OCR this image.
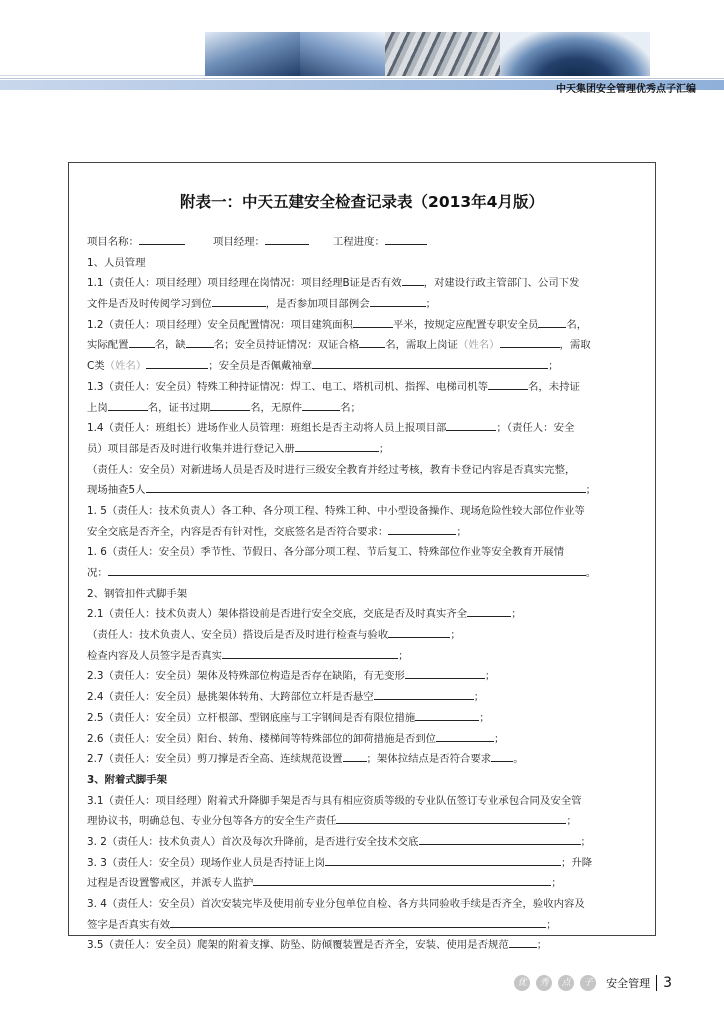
中天集团安全管理优秀点子汇编
附表一：中天五建安全检查记录表（2013年4月版）
项目名称：	项目经理：	工程进度：
1、人员管理
1.1（责任人：项目经理）项目经理在岗情况：项目经理B证是否有效 ，对建设行政主管部门、公司下发
文件是否及时传阅学习到位	，是否参加项目部例会	；
1.2（责任人：项目经理）安全员配置情况：项目建筑面积	平米，按规定应配置专职安全员	名，
实际配置	名，缺	名；安全员持证情况：双证合格	名，需取上岗证（姓名）	，需取
C类（姓名）	；安全员是否佩戴袖章	；
1.3（责任人：安全员）特殊工种持证情况：焊工、电工、塔机司机、指挥、电梯司机等	名，未持证
上岗	名，证书过期	名，无原件	名；
1.4（责任人：班组长）进场作业人员管理：班组长是否主动将人员上报项目部	；（责任人：安全
员）项目部是否及时进行收集并进行登记入册	；
（责任人：安全员）对新进场人员是否及时进行三级安全教育并经过考核，教育卡登记内容是否真实完整，
现场抽查5人	；
1. 5（责任人：技术负责人）各工种、各分项工程、特殊工种、中小型设备操作、现场危险性较大部位作业等
安全交底是否齐全，内容是否有针对性，交底签名是否符合要求：	；
1. 6（责任人：安全员）季节性、节假日、各分部分项工程、节后复工、特殊部位作业等安全教育开展情
况：	。
2、钢管扣件式脚手架
2.1（责任人：技术负责人）架体搭设前是否进行安全交底，交底是否及时真实齐全	；
（责任人：技术负责人、安全员）搭设后是否及时进行检查与验收	；
检查内容及人员签字是否真实	；
2.3（责任人：安全员）架体及特殊部位构造是否存在缺陷，有无变形	；
2.4（责任人：安全员）悬挑架体转角、大跨部位立杆是否悬空	；
2.5（责任人：安全员）立杆根部、型钢底座与工字钢间是否有限位措施	；
2.6（责任人：安全员）阳台、转角、楼梯间等特殊部位的卸荷措施是否到位	；
2.7（责任人：安全员）剪刀撑是否全高、连续规范设置 ；架体拉结点是否符合要求 。
3、附着式脚手架
3.1（责任人：项目经理）附着式升降脚手架是否与具有相应资质等级的专业队伍签订专业承包合同及安全管
理协议书，明确总包、专业分包等各方的安全生产责任	；
3. 2（责任人：技术负责人）首次及每次升降前，是否进行安全技术交底	；
3. 3（责任人：安全员）现场作业人员是否持证上岗	；升降
过程是否设置警戒区，并派专人监护	；
3. 4（责任人：安全员）首次安装完毕及使用前专业分包单位自检、各方共同验收手续是否齐全，验收内容及
签字是否真实有效	；
3.5（责任人：安全员）爬架的附着支撑、防坠、防倾覆装置是否齐全，安装、使用是否规范	；
优	秀	点	子	安全管理 3
